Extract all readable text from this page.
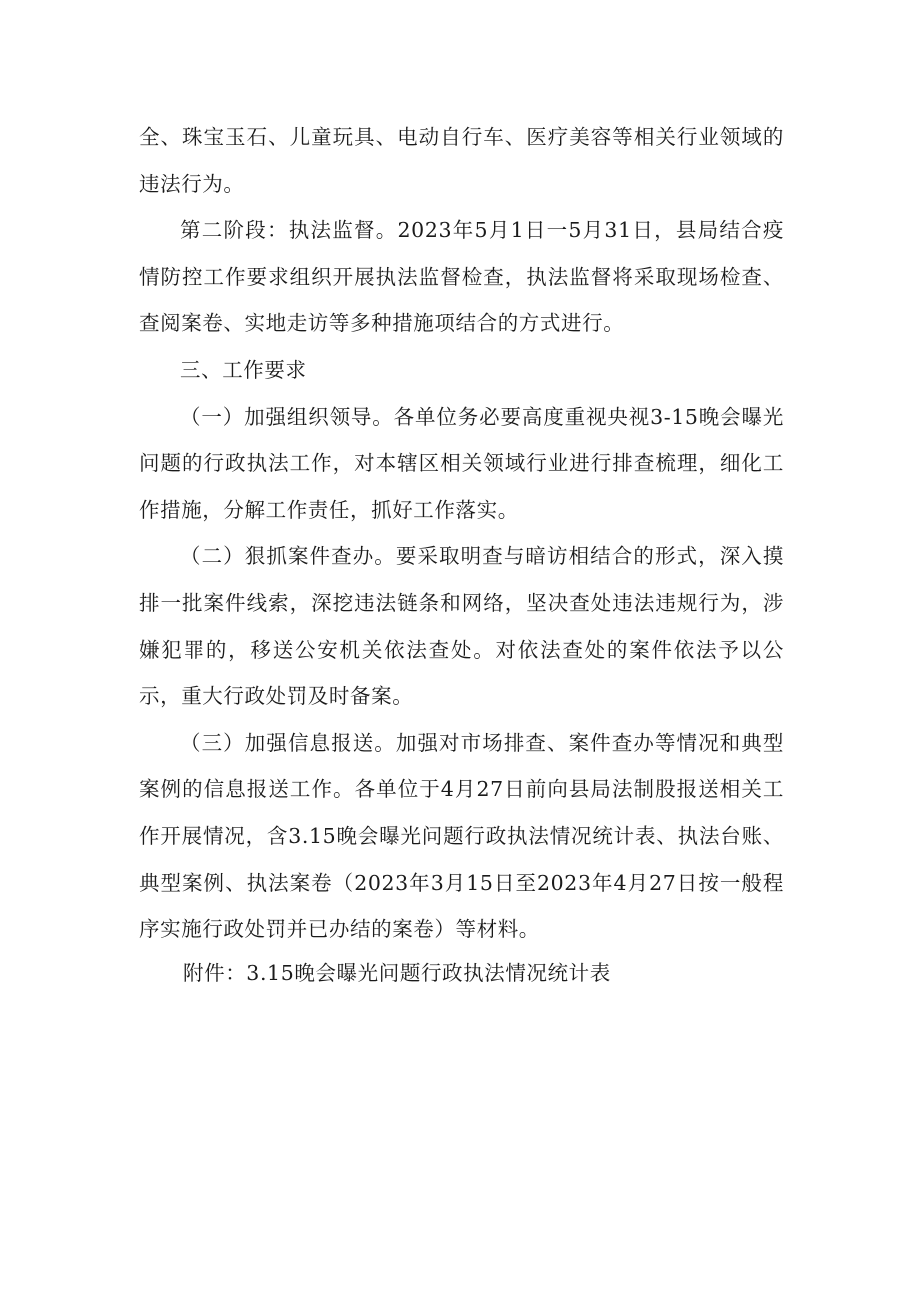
全、珠宝玉石、儿童玩具、电动自行车、医疗美容等相关行业领域的违法行为。

第二阶段：执法监督。2023年5月1日一5月31日，县局结合疫情防控工作要求组织开展执法监督检查，执法监督将采取现场检查、查阅案卷、实地走访等多种措施项结合的方式进行。

三、工作要求

（一）加强组织领导。各单位务必要高度重视央视3-15晚会曝光问题的行政执法工作，对本辖区相关领域行业进行排查梳理，细化工作措施，分解工作责任，抓好工作落实。

（二）狠抓案件查办。要采取明查与暗访相结合的形式，深入摸排一批案件线索，深挖违法链条和网络，坚决查处违法违规行为，涉嫌犯罪的，移送公安机关依法查处。对依法查处的案件依法予以公示，重大行政处罚及时备案。

（三）加强信息报送。加强对市场排查、案件查办等情况和典型案例的信息报送工作。各单位于4月27日前向县局法制股报送相关工作开展情况，含3.15晚会曝光问题行政执法情况统计表、执法台账、典型案例、执法案卷（2023年3月15日至2023年4月27日按一般程序实施行政处罚并已办结的案卷）等材料。

附件：3.15晚会曝光问题行政执法情况统计表
